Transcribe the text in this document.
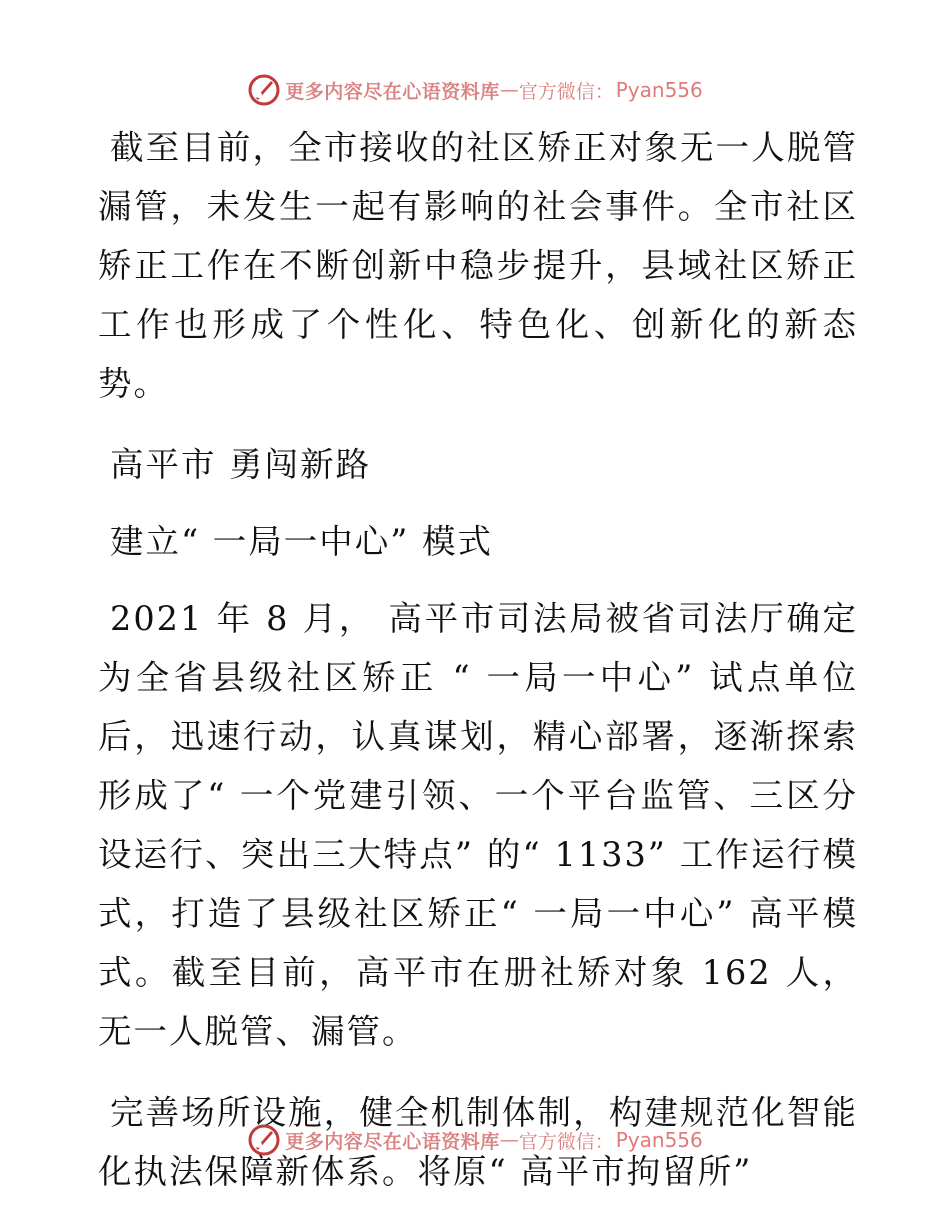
更多内容尽在心语资料库 — 官方微信： Pyan556

截至目前，全市接收的社区矫正对象无一人脱管漏管，未发生一起有影响的社会事件。全市社区矫正工作在不断创新中稳步提升，县域社区矫正工作也形成了个性化、特色化、创新化的新态势。

高平市 勇闯新路

建立“ 一局一中心” 模式

2021 年 8 月， 高平市司法局被省司法厅确定为全省县级社区矫正 “ 一局一中心” 试点单位后，迅速行动，认真谋划，精心部署，逐渐探索形成了“ 一个党建引领、一个平台监管、三区分设运行、突出三大特点” 的“ 1133” 工作运行模式，打造了县级社区矫正“ 一局一中心” 高平模式。截至目前，高平市在册社矫对象 162 人，无一人脱管、漏管。

完善场所设施，健全机制体制，构建规范化智能化执法保障新体系。将原“ 高平市拘留所”

更多内容尽在心语资料库 — 官方微信： Pyan556
